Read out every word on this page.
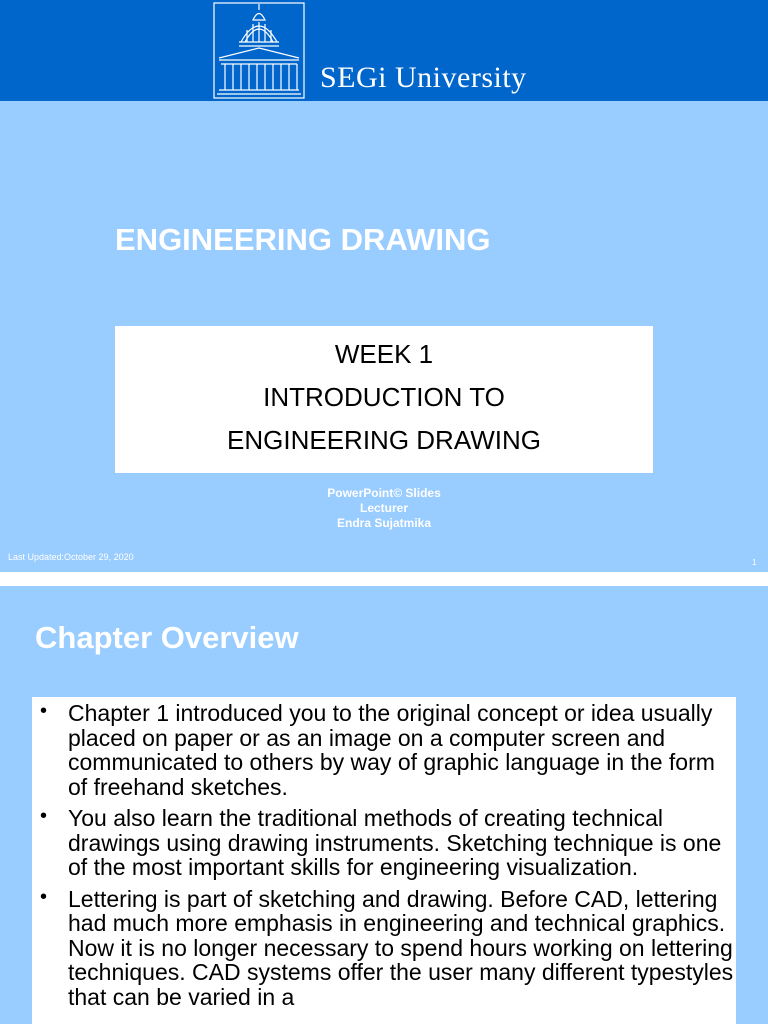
SEGi University
ENGINEERING DRAWING
WEEK 1
INTRODUCTION TO
ENGINEERING DRAWING
PowerPoint© Slides
Lecturer
Endra Sujatmika
Last Updated:October 29, 2020
1
Chapter Overview
• Chapter 1 introduced you to the original concept or idea usually placed on paper or as an image on a computer screen and communicated to others by way of graphic language in the form of freehand sketches.
• You also learn the traditional methods of creating technical drawings using drawing instruments. Sketching technique is one of the most important skills for engineering visualization.
• Lettering is part of sketching and drawing. Before CAD, lettering had much more emphasis in engineering and technical graphics. Now it is no longer necessary to spend hours working on lettering techniques. CAD systems offer the user many different typestyles that can be varied in a
